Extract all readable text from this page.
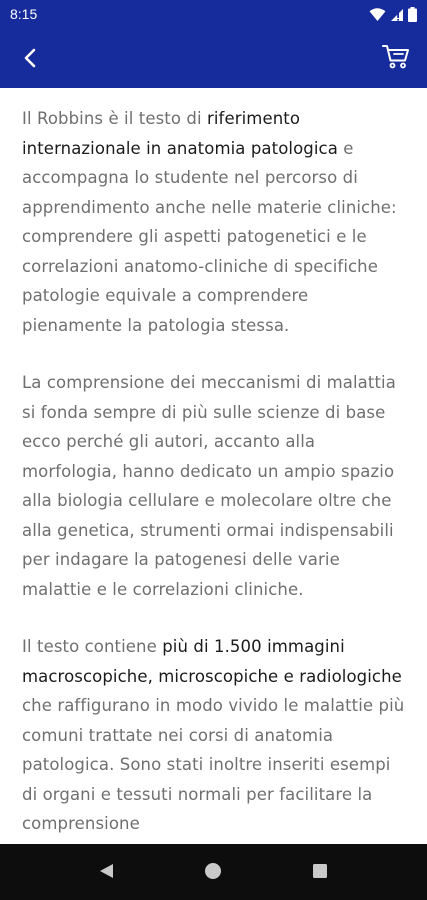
8:15

Il Robbins è il testo di riferimento internazionale in anatomia patologica e accompagna lo studente nel percorso di apprendimento anche nelle materie cliniche: comprendere gli aspetti patogenetici e le correlazioni anatomo-cliniche di specifiche patologie equivale a comprendere pienamente la patologia stessa.

La comprensione dei meccanismi di malattia si fonda sempre di più sulle scienze di base ecco perché gli autori, accanto alla morfologia, hanno dedicato un ampio spazio alla biologia cellulare e molecolare oltre che alla genetica, strumenti ormai indispensabili per indagare la patogenesi delle varie malattie e le correlazioni cliniche.

Il testo contiene più di 1.500 immagini macroscopiche, microscopiche e radiologiche che raffigurano in modo vivido le malattie più comuni trattate nei corsi di anatomia patologica. Sono stati inoltre inseriti esempi di organi e tessuti normali per facilitare la comprensione
